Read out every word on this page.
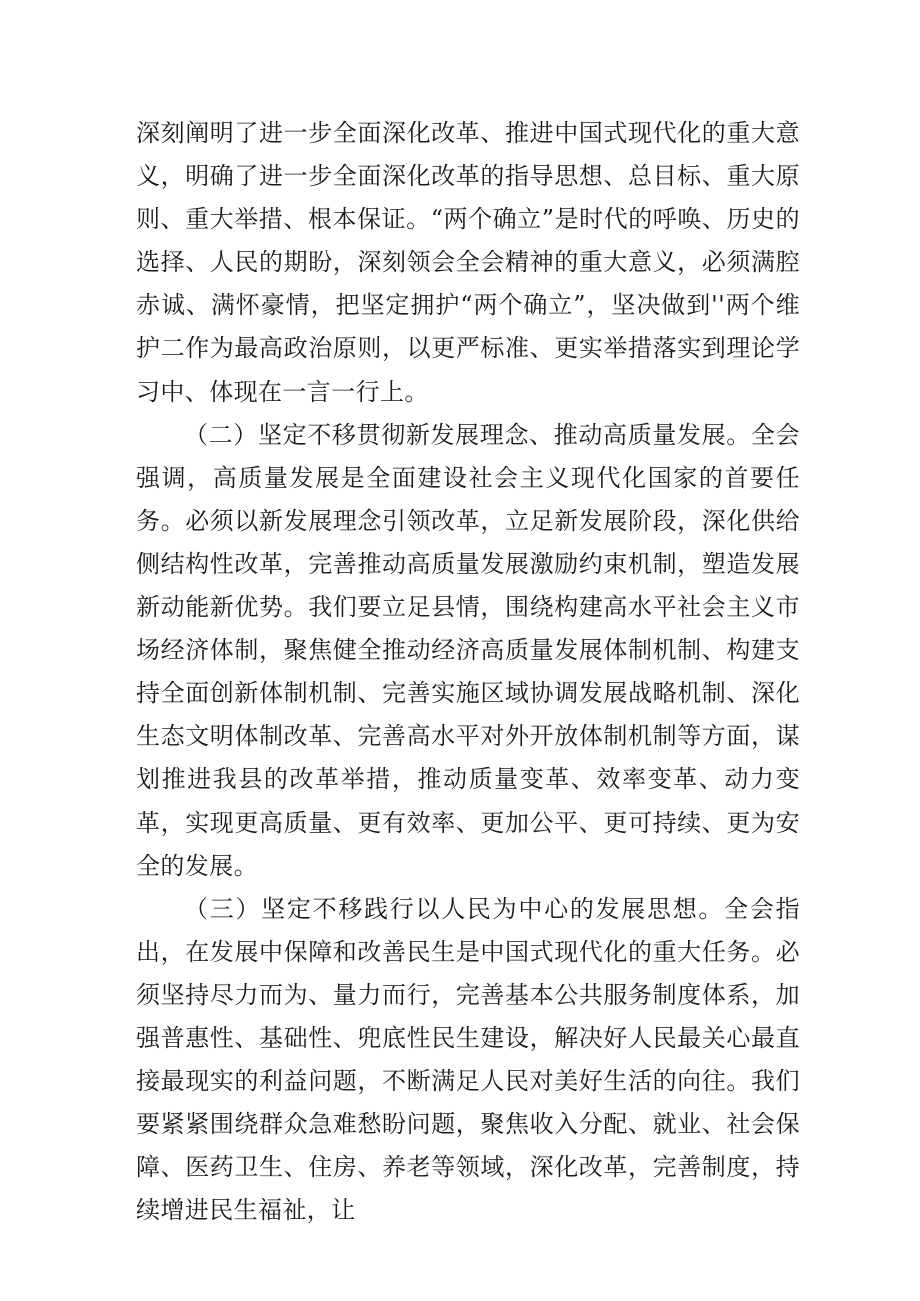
深刻阐明了进一步全面深化改革、推进中国式现代化的重大意义，明确了进一步全面深化改革的指导思想、总目标、重大原则、重大举措、根本保证。“两个确立”是时代的呼唤、历史的选择、人民的期盼，深刻领会全会精神的重大意义，必须满腔赤诚、满怀豪情，把坚定拥护“两个确立”，坚决做到''两个维护二作为最高政治原则，以更严标准、更实举措落实到理论学习中、体现在一言一行上。

（二）坚定不移贯彻新发展理念、推动高质量发展。全会强调，高质量发展是全面建设社会主义现代化国家的首要任务。必须以新发展理念引领改革，立足新发展阶段，深化供给侧结构性改革，完善推动高质量发展激励约束机制，塑造发展新动能新优势。我们要立足县情，围绕构建高水平社会主义市场经济体制，聚焦健全推动经济高质量发展体制机制、构建支持全面创新体制机制、完善实施区域协调发展战略机制、深化生态文明体制改革、完善高水平对外开放体制机制等方面，谋划推进我县的改革举措，推动质量变革、效率变革、动力变革，实现更高质量、更有效率、更加公平、更可持续、更为安全的发展。

（三）坚定不移践行以人民为中心的发展思想。全会指出，在发展中保障和改善民生是中国式现代化的重大任务。必须坚持尽力而为、量力而行，完善基本公共服务制度体系，加强普惠性、基础性、兜底性民生建设，解决好人民最关心最直接最现实的利益问题，不断满足人民对美好生活的向往。我们要紧紧围绕群众急难愁盼问题，聚焦收入分配、就业、社会保障、医药卫生、住房、养老等领域，深化改革，完善制度，持续增进民生福祉，让
